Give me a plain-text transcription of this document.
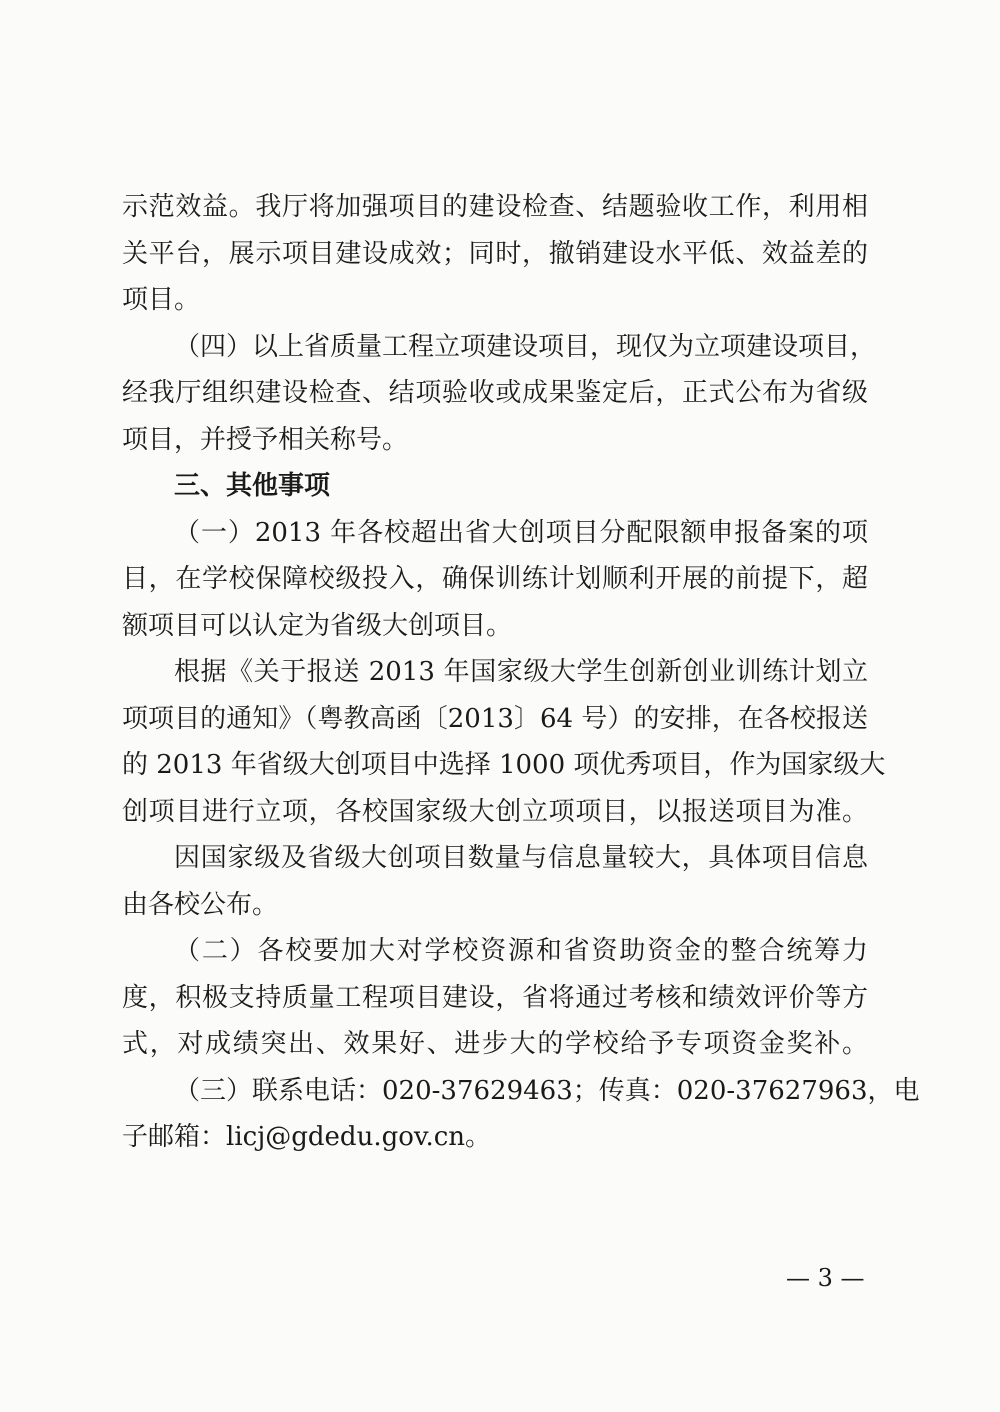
示范效益。我厅将加强项目的建设检查、结题验收工作，利用相
关平台，展示项目建设成效；同时，撤销建设水平低、效益差的
项目。
（四）以上省质量工程立项建设项目，现仅为立项建设项目，
经我厅组织建设检查、结项验收或成果鉴定后，正式公布为省级
项目，并授予相关称号。
三、其他事项
（一）2013 年各校超出省大创项目分配限额申报备案的项
目，在学校保障校级投入，确保训练计划顺利开展的前提下，超
额项目可以认定为省级大创项目。
根据《关于报送 2013 年国家级大学生创新创业训练计划立
项项目的通知》（粤教高函〔2013〕64 号）的安排，在各校报送
的 2013 年省级大创项目中选择 1000 项优秀项目，作为国家级大
创项目进行立项，各校国家级大创立项项目，以报送项目为准。
因国家级及省级大创项目数量与信息量较大，具体项目信息
由各校公布。
（二）各校要加大对学校资源和省资助资金的整合统筹力
度，积极支持质量工程项目建设，省将通过考核和绩效评价等方
式，对成绩突出、效果好、进步大的学校给予专项资金奖补。
（三）联系电话：020-37629463；传真：020-37627963，电
子邮箱：licj@gdedu.gov.cn。
— 3 —
